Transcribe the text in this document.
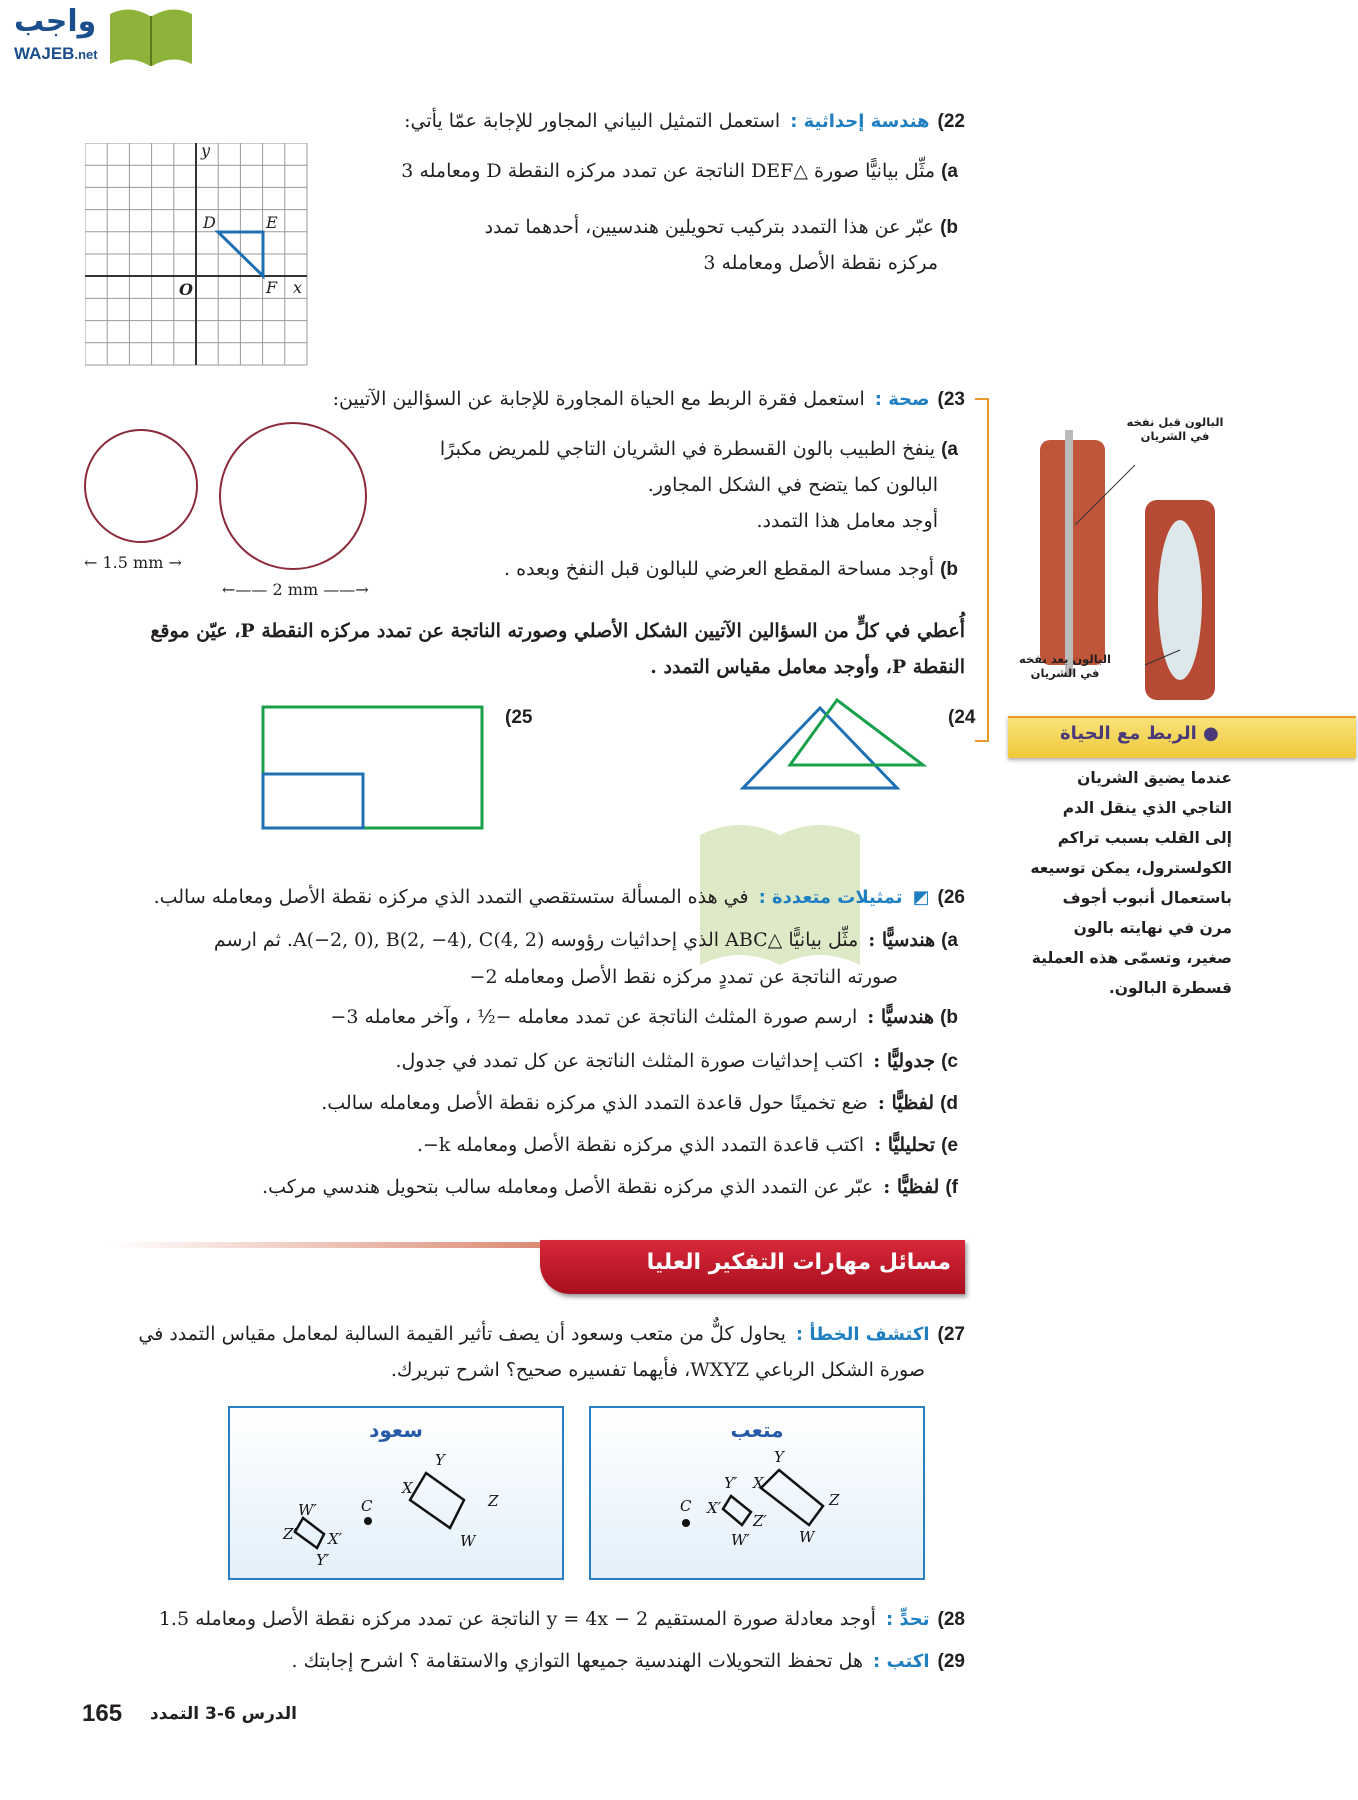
واجب
WAJEB.net
22)هندسة إحداثية :استعمل التمثيل البياني المجاور للإجابة عمّا يأتي:
a)مثِّل بيانيًّا صورة △DEF الناتجة عن تمدد مركزه النقطة D ومعامله 3
b)عبّر عن هذا التمدد بتركيب تحويلين هندسيين، أحدهما تمدد
مركزه نقطة الأصل ومعامله 3
y
x
O
D	E
F
23)صحة :استعمل فقرة الربط مع الحياة المجاورة للإجابة عن السؤالين الآتيين:
a)ينفخ الطبيب بالون القسطرة في الشريان التاجي للمريض مكبرًا
البالون كما يتضح في الشكل المجاور.
أوجد معامل هذا التمدد.
b)أوجد مساحة المقطع العرضي للبالون قبل النفخ وبعده .
← 1.5 mm →
←—— 2 mm ——→
أُعطي في كلٍّ من السؤالين الآتيين الشكل الأصلي وصورته الناتجة عن تمدد مركزه النقطة P، عيّن موقع
النقطة P، وأوجد معامل مقياس التمدد .
24)
25)
البالون قبل نفخه في الشريان
البالون بعد نفخه في الشريان
● الربط مع الحياة
عندما يضيق الشريان
التاجي الذي ينقل الدم
إلى القلب بسبب تراكم
الكولسترول، يمكن توسيعه
باستعمال أنبوب أجوف
مرن في نهايته بالون
صغير، وتسمّى هذه العملية
قسطرة البالون.
26)◩تمثيلات متعددة :في هذه المسألة ستستقصي التمدد الذي مركزه نقطة الأصل ومعامله سالب.
a)هندسيًّا :مثِّل بيانيًّا △ABC الذي إحداثيات رؤوسه A(−2, 0), B(2, −4), C(4, 2). ثم ارسم
صورته الناتجة عن تمددٍ مركزه نقط الأصل ومعامله 2−
b)هندسيًّا :ارسم صورة المثلث الناتجة عن تمدد معامله −½ ، وآخر معامله 3−
c)جدوليًّا :اكتب إحداثيات صورة المثلث الناتجة عن كل تمدد في جدول.
d)لفظيًّا :ضع تخمينًا حول قاعدة التمدد الذي مركزه نقطة الأصل ومعامله سالب.
e)تحليليًّا :اكتب قاعدة التمدد الذي مركزه نقطة الأصل ومعامله k−.
f)لفظيًّا :عبّر عن التمدد الذي مركزه نقطة الأصل ومعامله سالب بتحويل هندسي مركب.
مسائل مهارات التفكير العليا
27)اكتشف الخطأ :يحاول كلٌّ من متعب وسعود أن يصف تأثير القيمة السالبة لمعامل مقياس التمدد في
صورة الشكل الرباعي WXYZ، فأيهما تفسيره صحيح؟ اشرح تبريرك.
سعود
Y
X
Z
W
C
W′
Z′ X′
Y′
متعب
Y
X
Z
W
C
Y′
X′
Z′
W′
28)تحدٍّ :أوجد معادلة صورة المستقيم y = 4x − 2 الناتجة عن تمدد مركزه نقطة الأصل ومعامله 1.5
29)اكتب :هل تحفظ التحويلات الهندسية جميعها التوازي والاستقامة ؟ اشرح إجابتك .
165 الدرس 6-3 التمدد
